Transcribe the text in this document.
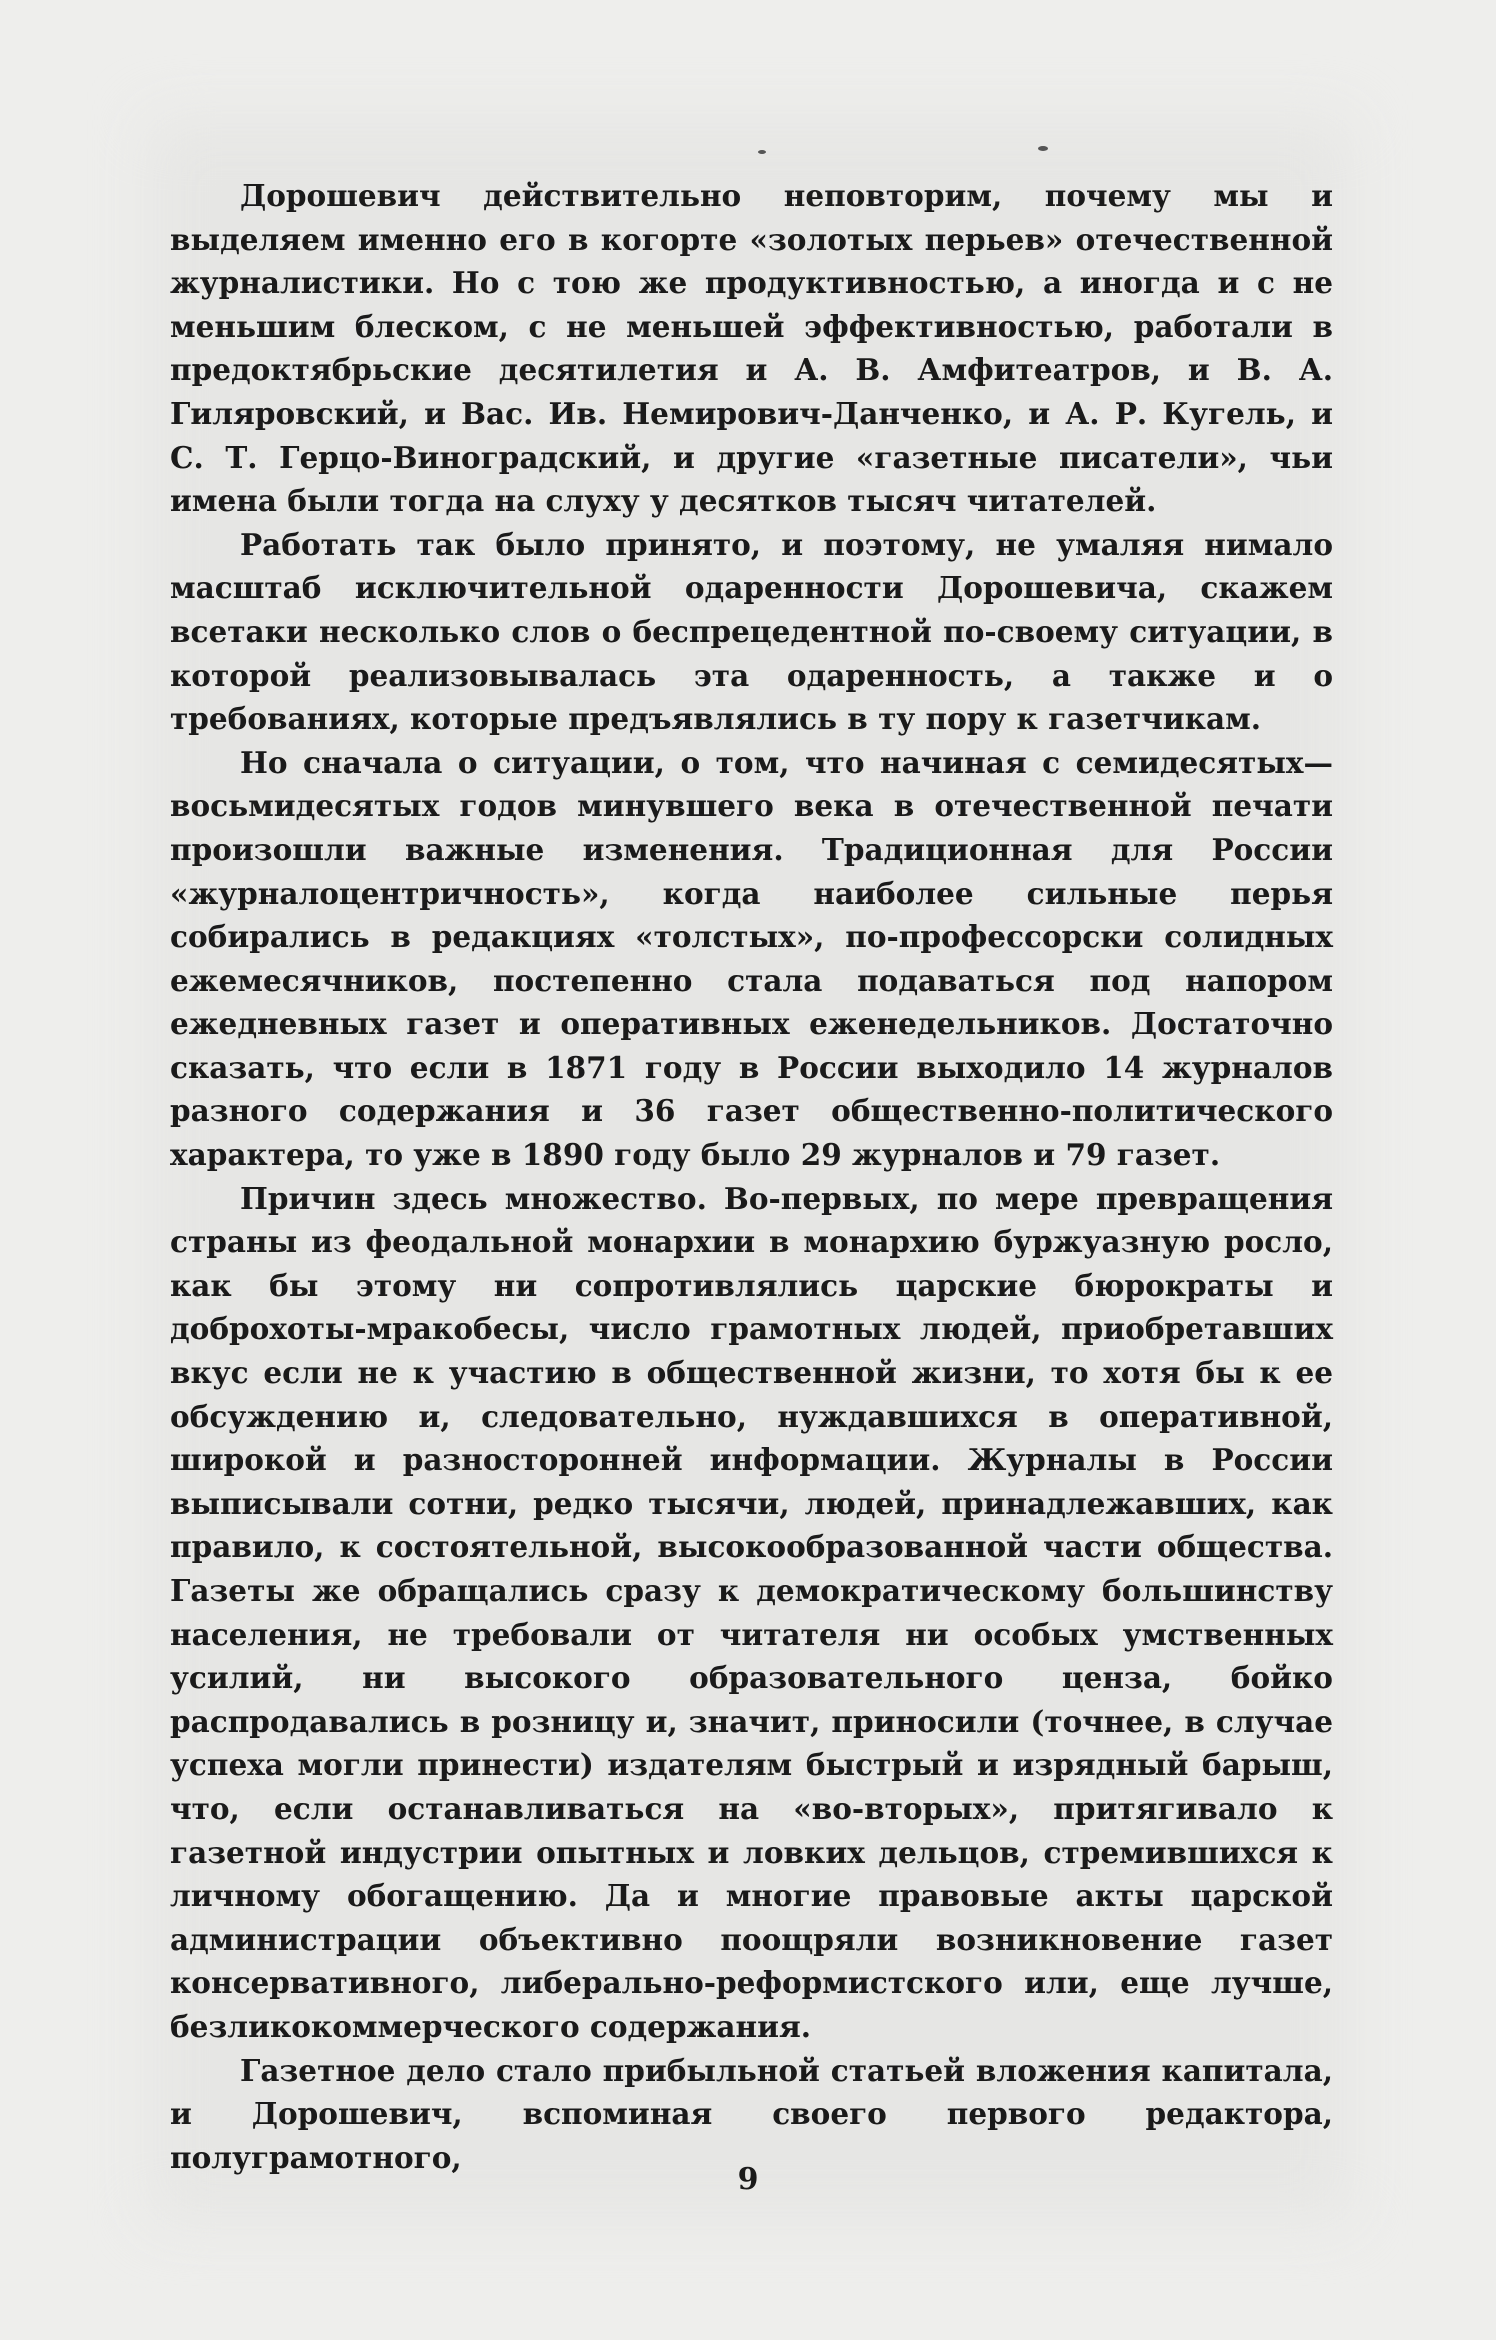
Дорошевич действительно неповторим, почему мы и выделяем именно его в когорте «золотых перьев» отечественной журналистики. Но с тою же продуктивностью, а иногда и с не меньшим блеском, с не меньшей эффективностью, работали в предоктябрьские десятилетия и А. В. Амфитеатров, и В. А. Гиляровский, и Вас. Ив. Немирович-Данченко, и А. Р. Кугель, и С. Т. Герцо-Виноградский, и другие «газетные писатели», чьи имена были тогда на слуху у десятков тысяч читателей.

Работать так было принято, и поэтому, не умаляя нимало масштаб исключительной одаренности Дорошевича, скажем всетаки несколько слов о беспрецедентной по-своему ситуации, в которой реализовывалась эта одаренность, а также и о требованиях, которые предъявлялись в ту пору к газетчикам.

Но сначала о ситуации, о том, что начиная с семидесятых—восьмидесятых годов минувшего века в отечественной печати произошли важные изменения. Традиционная для России «журналоцентричность», когда наиболее сильные перья собирались в редакциях «толстых», по-профессорски солидных ежемесячников, постепенно стала подаваться под напором ежедневных газет и оперативных еженедельников. Достаточно сказать, что если в 1871 году в России выходило 14 журналов разного содержания и 36 газет общественно-политического характера, то уже в 1890 году было 29 журналов и 79 газет.

Причин здесь множество. Во-первых, по мере превращения страны из феодальной монархии в монархию буржуазную росло, как бы этому ни сопротивлялись царские бюрократы и доброхоты-мракобесы, число грамотных людей, приобретавших вкус если не к участию в общественной жизни, то хотя бы к ее обсуждению и, следовательно, нуждавшихся в оперативной, широкой и разносторонней информации. Журналы в России выписывали сотни, редко тысячи, людей, принадлежавших, как правило, к состоятельной, высокообразованной части общества. Газеты же обращались сразу к демократическому большинству населения, не требовали от читателя ни особых умственных усилий, ни высокого образовательного ценза, бойко распродавались в розницу и, значит, приносили (точнее, в случае успеха могли принести) издателям быстрый и изрядный барыш, что, если останавливаться на «во-вторых», притягивало к газетной индустрии опытных и ловких дельцов, стремившихся к личному обогащению. Да и многие правовые акты царской администрации объективно поощряли возникновение газет консервативного, либерально-реформистского или, еще лучше, безликокоммерческого содержания.

Газетное дело стало прибыльной статьей вложения капитала, и Дорошевич, вспоминая своего первого редактора, полуграмотного,

9
